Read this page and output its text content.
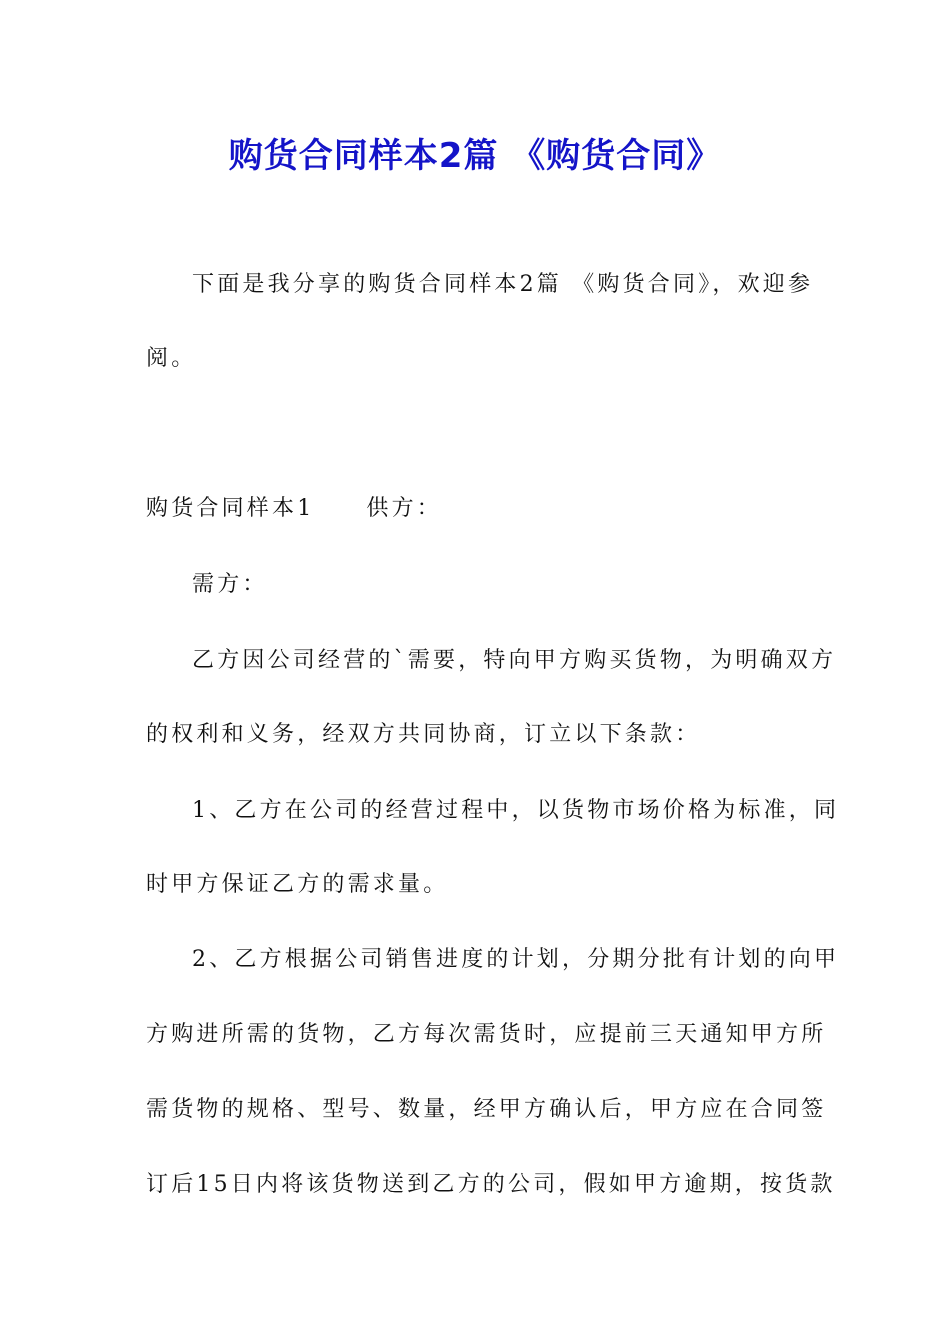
购货合同样本2篇 《购货合同》
下面是我分享的购货合同样本2篇 《购货合同》，欢迎参
阅。
购货合同样本1 供方：
需方：
乙方因公司经营的`需要，特向甲方购买货物，为明确双方
的权利和义务，经双方共同协商，订立以下条款：
1、乙方在公司的经营过程中，以货物市场价格为标准，同
时甲方保证乙方的需求量。
2、乙方根据公司销售进度的计划，分期分批有计划的向甲
方购进所需的货物，乙方每次需货时，应提前三天通知甲方所
需货物的规格、型号、数量，经甲方确认后，甲方应在合同签
订后15日内将该货物送到乙方的公司，假如甲方逾期，按货款
